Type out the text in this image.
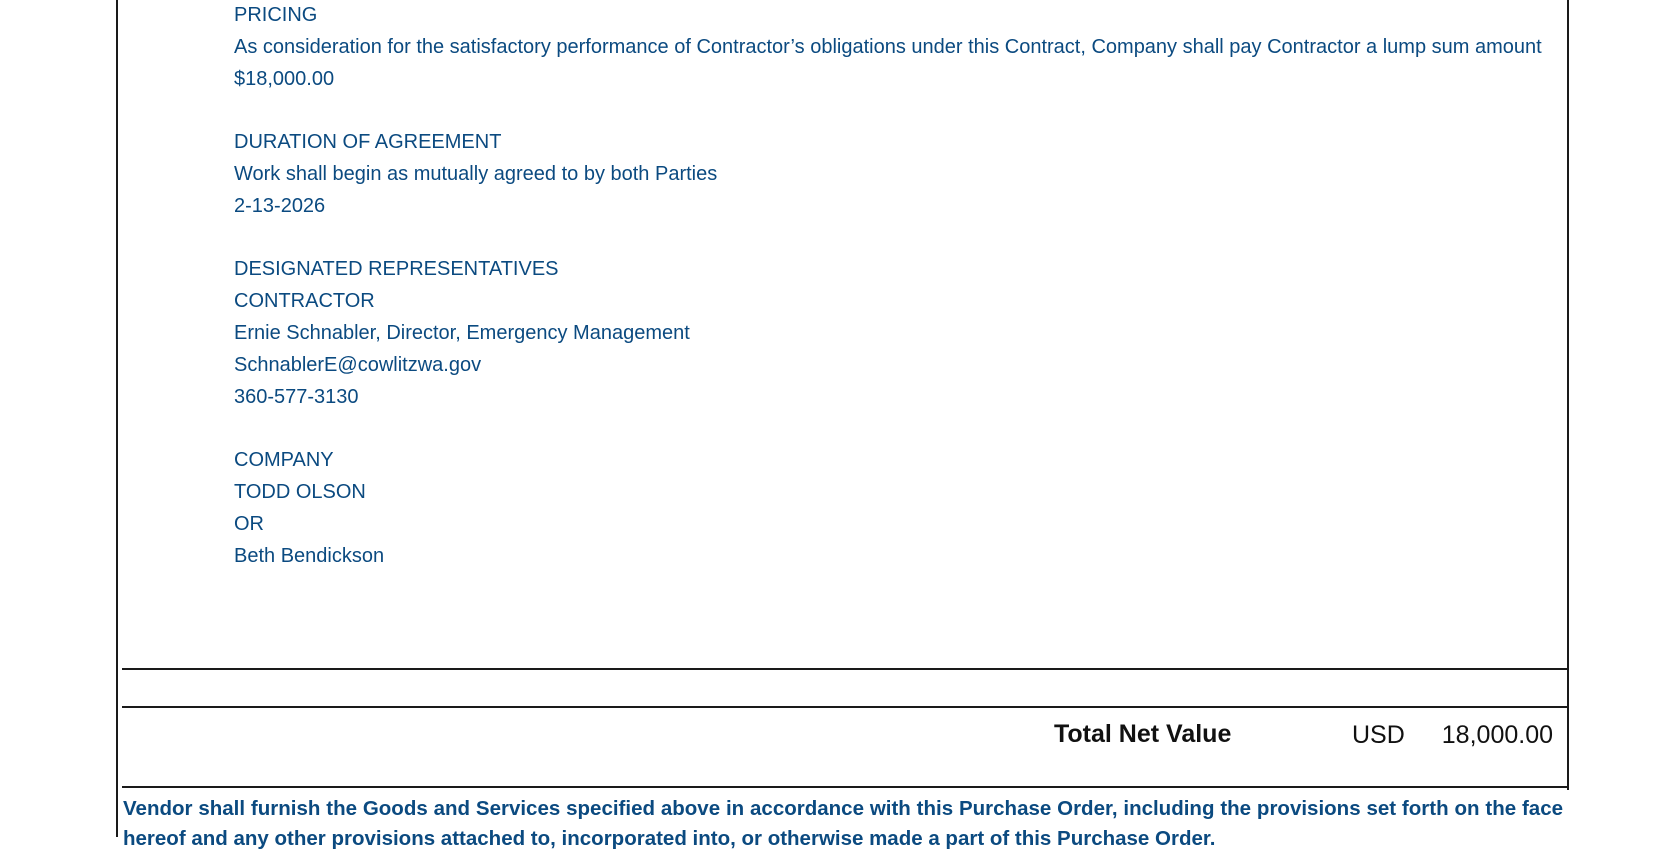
PRICING
As consideration for the satisfactory performance of Contractor’s obligations under this Contract, Company shall pay Contractor a lump sum amount $18,000.00
DURATION OF AGREEMENT
Work shall begin as mutually agreed to by both Parties
2-13-2026
DESIGNATED REPRESENTATIVES
CONTRACTOR
Ernie Schnabler, Director, Emergency Management
SchnablerE@cowlitzwa.gov
360-577-3130
COMPANY
TODD OLSON
OR
Beth Bendickson
Total Net Value	USD 18,000.00
Vendor shall furnish the Goods and Services specified above in accordance with this Purchase Order, including the provisions set forth on the face hereof and any other provisions attached to, incorporated into, or otherwise made a part of this Purchase Order.
